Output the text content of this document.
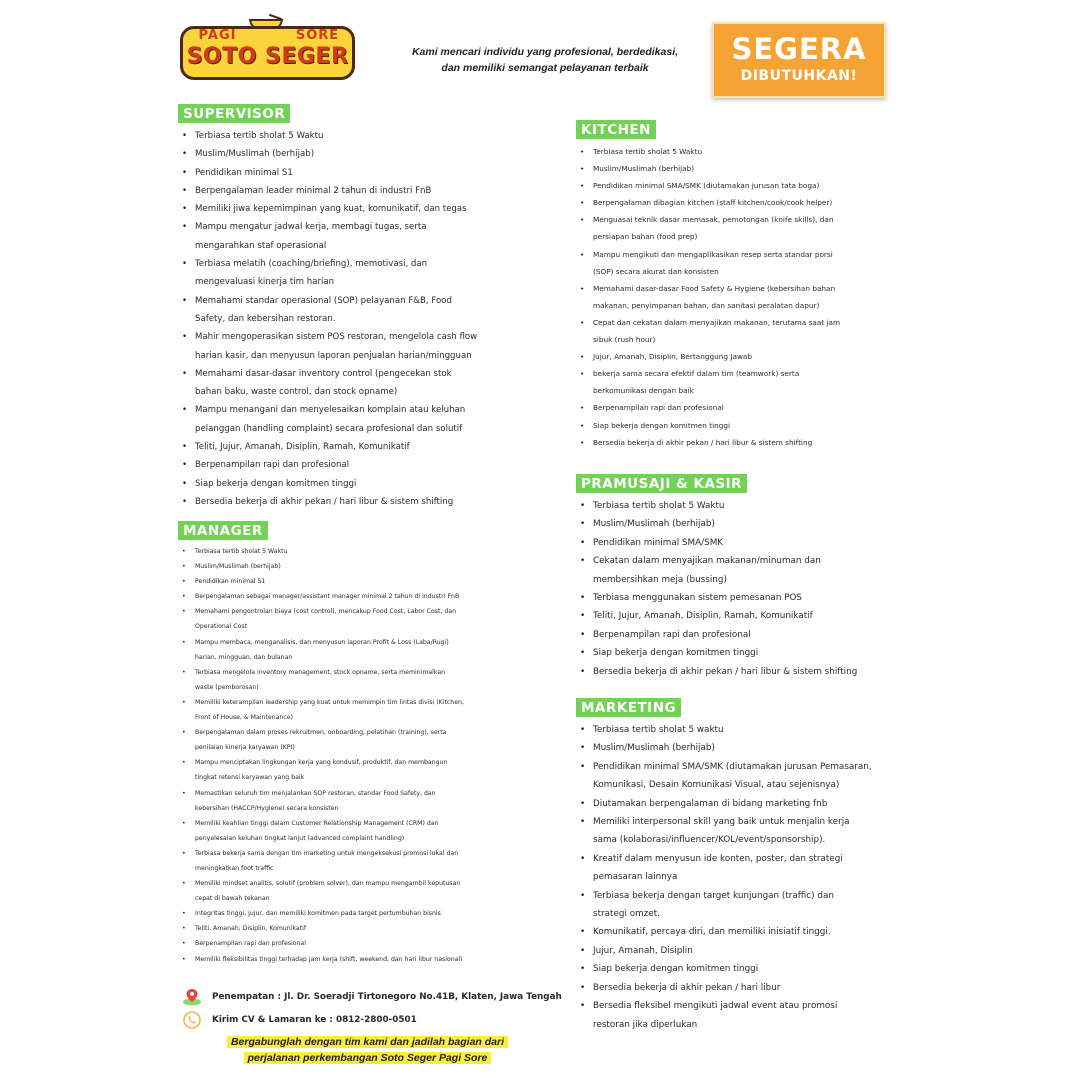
PAGI	SORE
SOTO SEGER	Kami mencari individu yang profesional, berdedikasi,
dan memiliki semangat pelayanan terbaik
SEGERA
DIBUTUHKAN!
SUPERVISOR
• Terbiasa tertib sholat 5 Waktu
• Muslim/Muslimah (berhijab)
• Pendidikan minimal S1
• Berpengalaman leader minimal 2 tahun di industri FnB
• Memiliki jiwa kepemimpinan yang kuat, komunikatif, dan tegas
• Mampu mengatur jadwal kerja, membagi tugas, serta
mengarahkan staf operasional
• Terbiasa melatih (coaching/briefing), memotivasi, dan
mengevaluasi kinerja tim harian
• Memahami standar operasional (SOP) pelayanan F&B, Food
Safety, dan kebersihan restoran.
• Mahir mengoperasikan sistem POS restoran, mengelola cash flow
harian kasir, dan menyusun laporan penjualan harian/mingguan
• Memahami dasar-dasar inventory control (pengecekan stok
bahan baku, waste control, dan stock opname)
• Mampu menangani dan menyelesaikan komplain atau keluhan
pelanggan (handling complaint) secara profesional dan solutif
• Teliti, Jujur, Amanah, Disiplin, Ramah, Komunikatif
• Berpenampilan rapi dan profesional
• Siap bekerja dengan komitmen tinggi
• Bersedia bekerja di akhir pekan / hari libur & sistem shifting
MANAGER
• Terbiasa tertib sholat 5 Waktu
• Muslim/Muslimah (berhijab)
• Pendidikan minimal S1
• Berpengalaman sebagai manager/assistant manager minimal 2 tahun di industri FnB
• Memahami pengontrolan biaya (cost control), mencakup Food Cost, Labor Cost, dan
Operational Cost
• Mampu membaca, menganalisis, dan menyusun laporan Profit & Loss (Laba/Rugi)
harian, mingguan, dan bulanan
• Terbiasa mengelola inventory management, stock opname, serta meminimalkan
waste (pemborosan)
• Memiliki keterampilan leadership yang kuat untuk memimpin tim lintas divisi (Kitchen,
Front of House, & Maintenance)
• Berpengalaman dalam proses rekruitmen, onboarding, pelatihan (training), serta
penilaian kinerja karyawan (KPI)
• Mampu menciptakan lingkungan kerja yang kondusif, produktif, dan membangun
tingkat retensi karyawan yang baik
• Memastikan seluruh tim menjalankan SOP restoran, standar Food Safety, dan
kebersihan (HACCP/Hygiene) secara konsisten
• Memiliki keahlian tinggi dalam Customer Relationship Management (CRM) dan
penyelesaian keluhan tingkat lanjut (advanced complaint handling)
• Terbiasa bekerja sama dengan tim marketing untuk mengeksekusi promosi lokal dan
meningkatkan foot traffic
• Memiliki mindset analitis, solutif (problem solver), dan mampu mengambil keputusan
cepat di bawah tekanan
• Integritas tinggi, jujur, dan memiliki komitmen pada target pertumbuhan bisnis
• Teliti, Amanah, Disiplin, Komunikatif
• Berpenampilan rapi dan profesional
• Memiliki fleksibilitas tinggi terhadap jam kerja (shift, weekend, dan hari libur nasional)
KITCHEN
• Terbiasa tertib sholat 5 Waktu
• Muslim/Muslimah (berhijab)
• Pendidikan minimal SMA/SMK (diutamakan jurusan tata boga)
• Berpengalaman dibagian kitchen (staff kitchen/cook/cook helper)
• Menguasai teknik dasar memasak, pemotongan (knife skills), dan
persiapan bahan (food prep)
• Mampu mengikuti dan mengaplikasikan resep serta standar porsi
(SOP) secara akurat dan konsisten
• Memahami dasar-dasar Food Safety & Hygiene (kebersihan bahan
makanan, penyimpanan bahan, dan sanitasi peralatan dapur)
• Cepat dan cekatan dalam menyajikan makanan, terutama saat jam
sibuk (rush hour)
• Jujur, Amanah, Disiplin, Bertanggung Jawab
• bekerja sama secara efektif dalam tim (teamwork) serta
berkomunikasi dengan baik
• Berpenampilan rapi dan profesional
• Siap bekerja dengan komitmen tinggi
• Bersedia bekerja di akhir pekan / hari libur & sistem shifting
PRAMUSAJI & KASIR
• Terbiasa tertib sholat 5 Waktu
• Muslim/Muslimah (berhijab)
• Pendidikan minimal SMA/SMK
• Cekatan dalam menyajikan makanan/minuman dan
membersihkan meja (bussing)
• Terbiasa menggunakan sistem pemesanan POS
• Teliti, Jujur, Amanah, Disiplin, Ramah, Komunikatif
• Berpenampilan rapi dan profesional
• Siap bekerja dengan komitmen tinggi
• Bersedia bekerja di akhir pekan / hari libur & sistem shifting
MARKETING
• Terbiasa tertib sholat 5 waktu
• Muslim/Muslimah (berhijab)
• Pendidikan minimal SMA/SMK (diutamakan jurusan Pemasaran,
Komunikasi, Desain Komunikasi Visual, atau sejenisnya)
• Diutamakan berpengalaman di bidang marketing fnb
• Memiliki interpersonal skill yang baik untuk menjalin kerja
sama (kolaborasi/influencer/KOL/event/sponsorship).
• Kreatif dalam menyusun ide konten, poster, dan strategi
pemasaran lainnya
• Terbiasa bekerja dengan target kunjungan (traffic) dan
strategi omzet.
• Komunikatif, percaya diri, dan memiliki inisiatif tinggi.
• Jujur, Amanah, Disiplin
• Siap bekerja dengan komitmen tinggi
• Bersedia bekerja di akhir pekan / hari libur
• Bersedia fleksibel mengikuti jadwal event atau promosi
restoran jika diperlukan
Penempatan : Jl. Dr. Soeradji Tirtonegoro No.41B, Klaten, Jawa Tengah
Kirim CV & Lamaran ke : 0812-2800-0501
Bergabunglah dengan tim kami dan jadilah bagian dari
perjalanan perkembangan Soto Seger Pagi Sore
